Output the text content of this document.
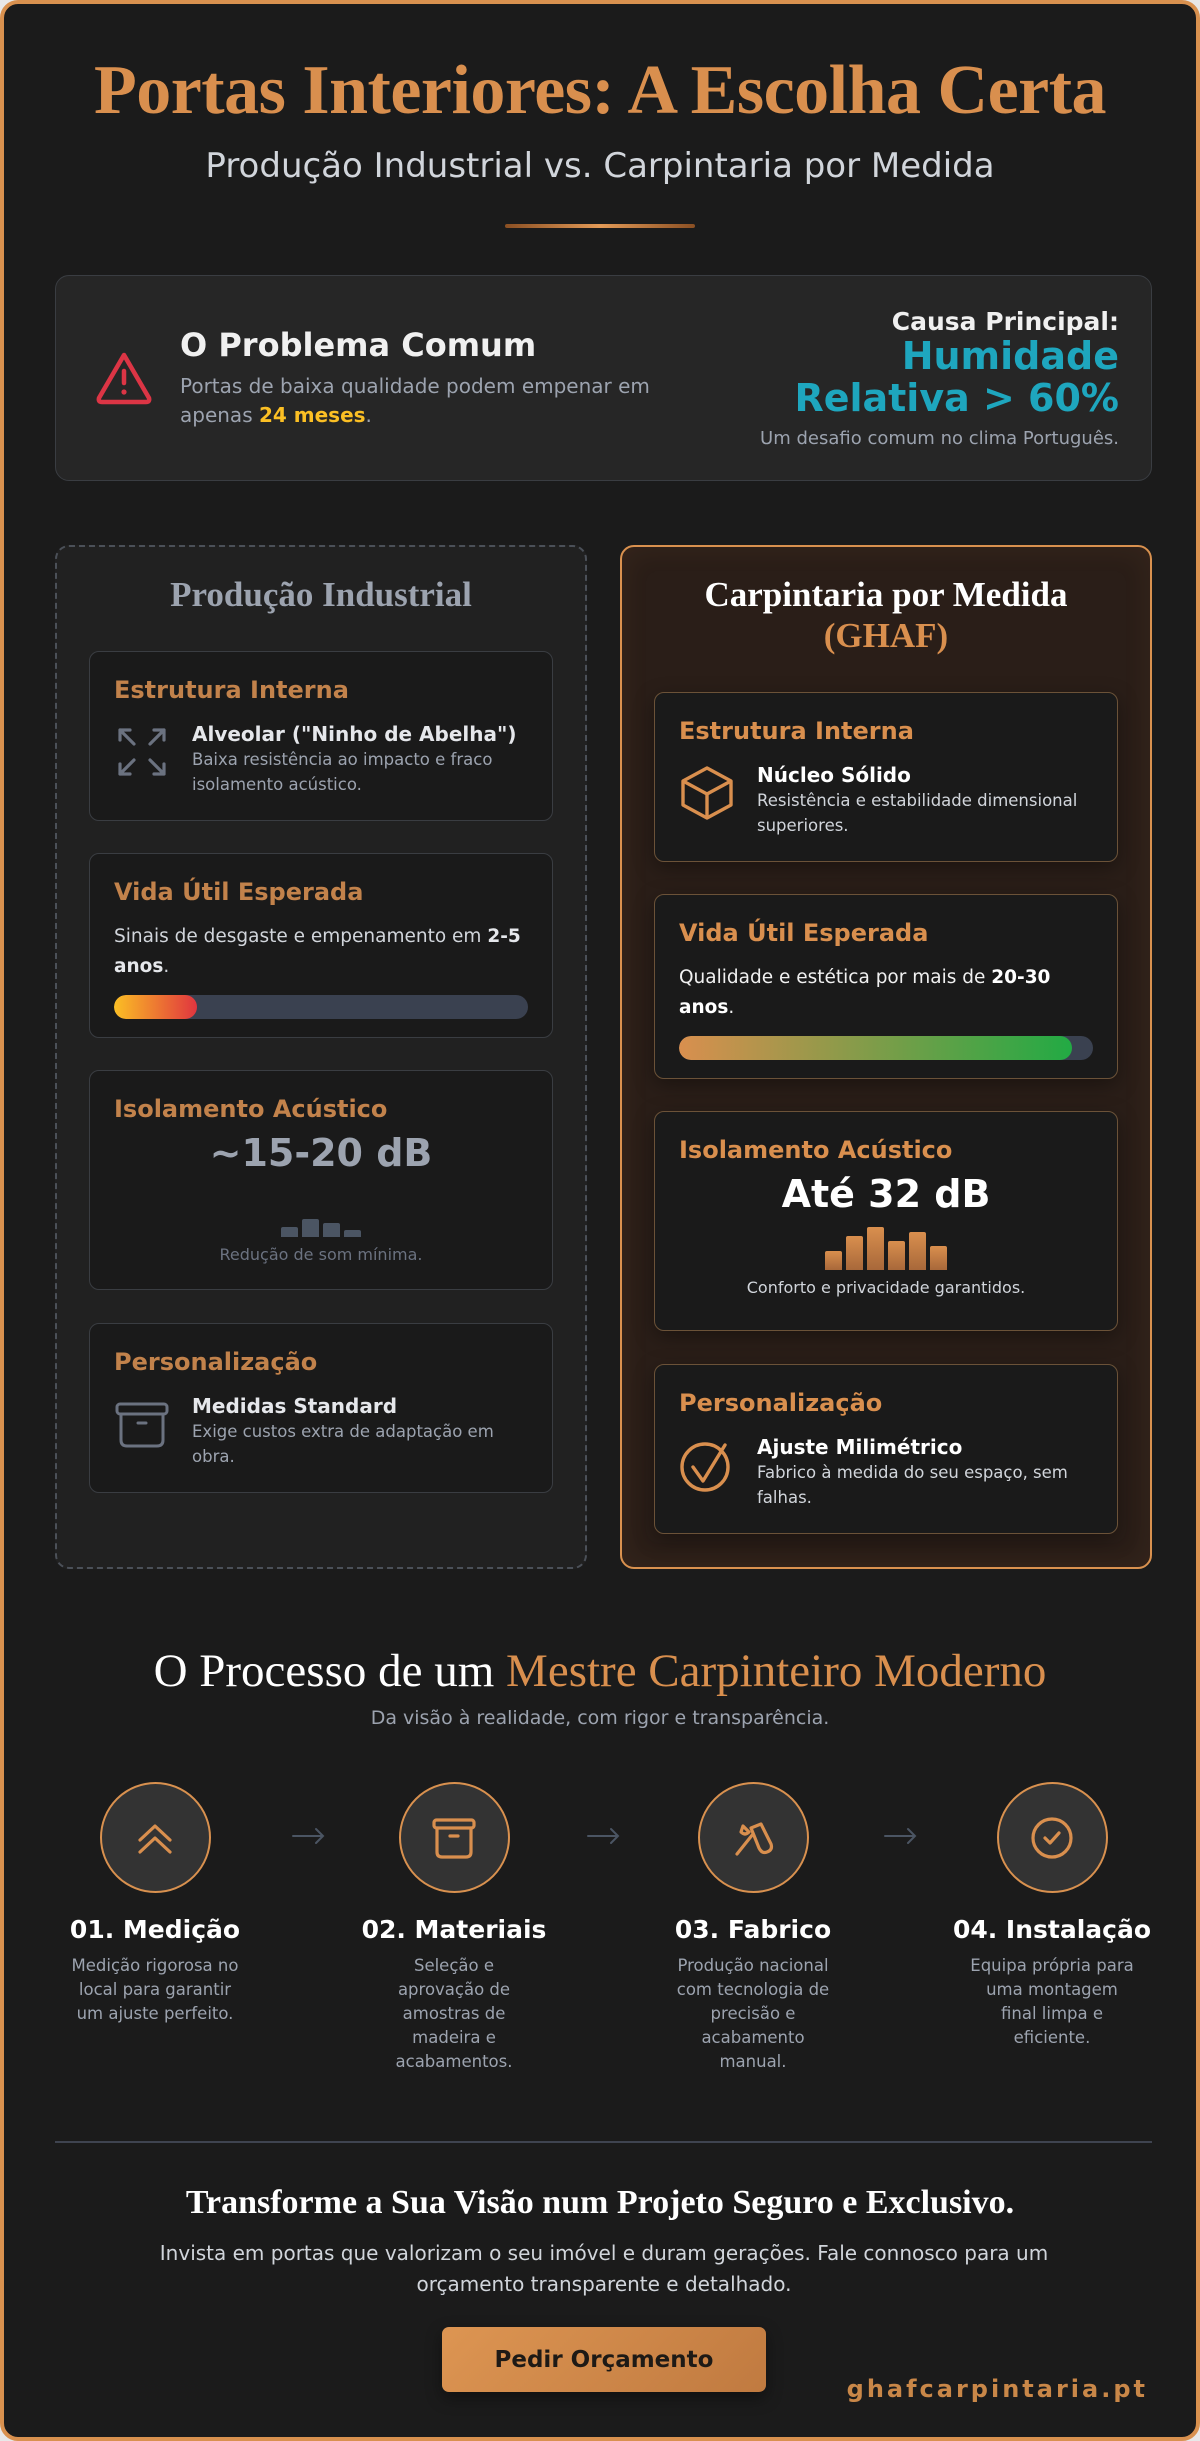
Portas Interiores: A Escolha Certa
Produção Industrial vs. Carpintaria por Medida
O Problema Comum
Portas de baixa qualidade podem empenar em apenas 24 meses.
Causa Principal:
Humidade Relativa > 60%
Um desafio comum no clima Português.
Produção Industrial
Estrutura Interna
Alveolar ("Ninho de Abelha")
Baixa resistência ao impacto e fraco isolamento acústico.
Vida Útil Esperada
Sinais de desgaste e empenamento em 2-5 anos.
Isolamento Acústico
~15-20 dB
Redução de som mínima.
Personalização
Medidas Standard
Exige custos extra de adaptação em obra.
Carpintaria por Medida
(GHAF)
Estrutura Interna
Núcleo Sólido
Resistência e estabilidade dimensional superiores.
Vida Útil Esperada
Qualidade e estética por mais de 20-30 anos.
Isolamento Acústico
Até 32 dB
Conforto e privacidade garantidos.
Personalização
Ajuste Milimétrico
Fabrico à medida do seu espaço, sem falhas.
O Processo de um Mestre Carpinteiro Moderno
Da visão à realidade, com rigor e transparência.
01. Medição
Medição rigorosa no local para garantir um ajuste perfeito.
02. Materiais
Seleção e aprovação de amostras de madeira e acabamentos.
03. Fabrico
Produção nacional com tecnologia de precisão e acabamento manual.
04. Instalação
Equipa própria para uma montagem final limpa e eficiente.
Transforme a Sua Visão num Projeto Seguro e Exclusivo.
Invista em portas que valorizam o seu imóvel e duram gerações. Fale connosco para um orçamento transparente e detalhado.
Pedir Orçamento
ghafcarpintaria.pt
